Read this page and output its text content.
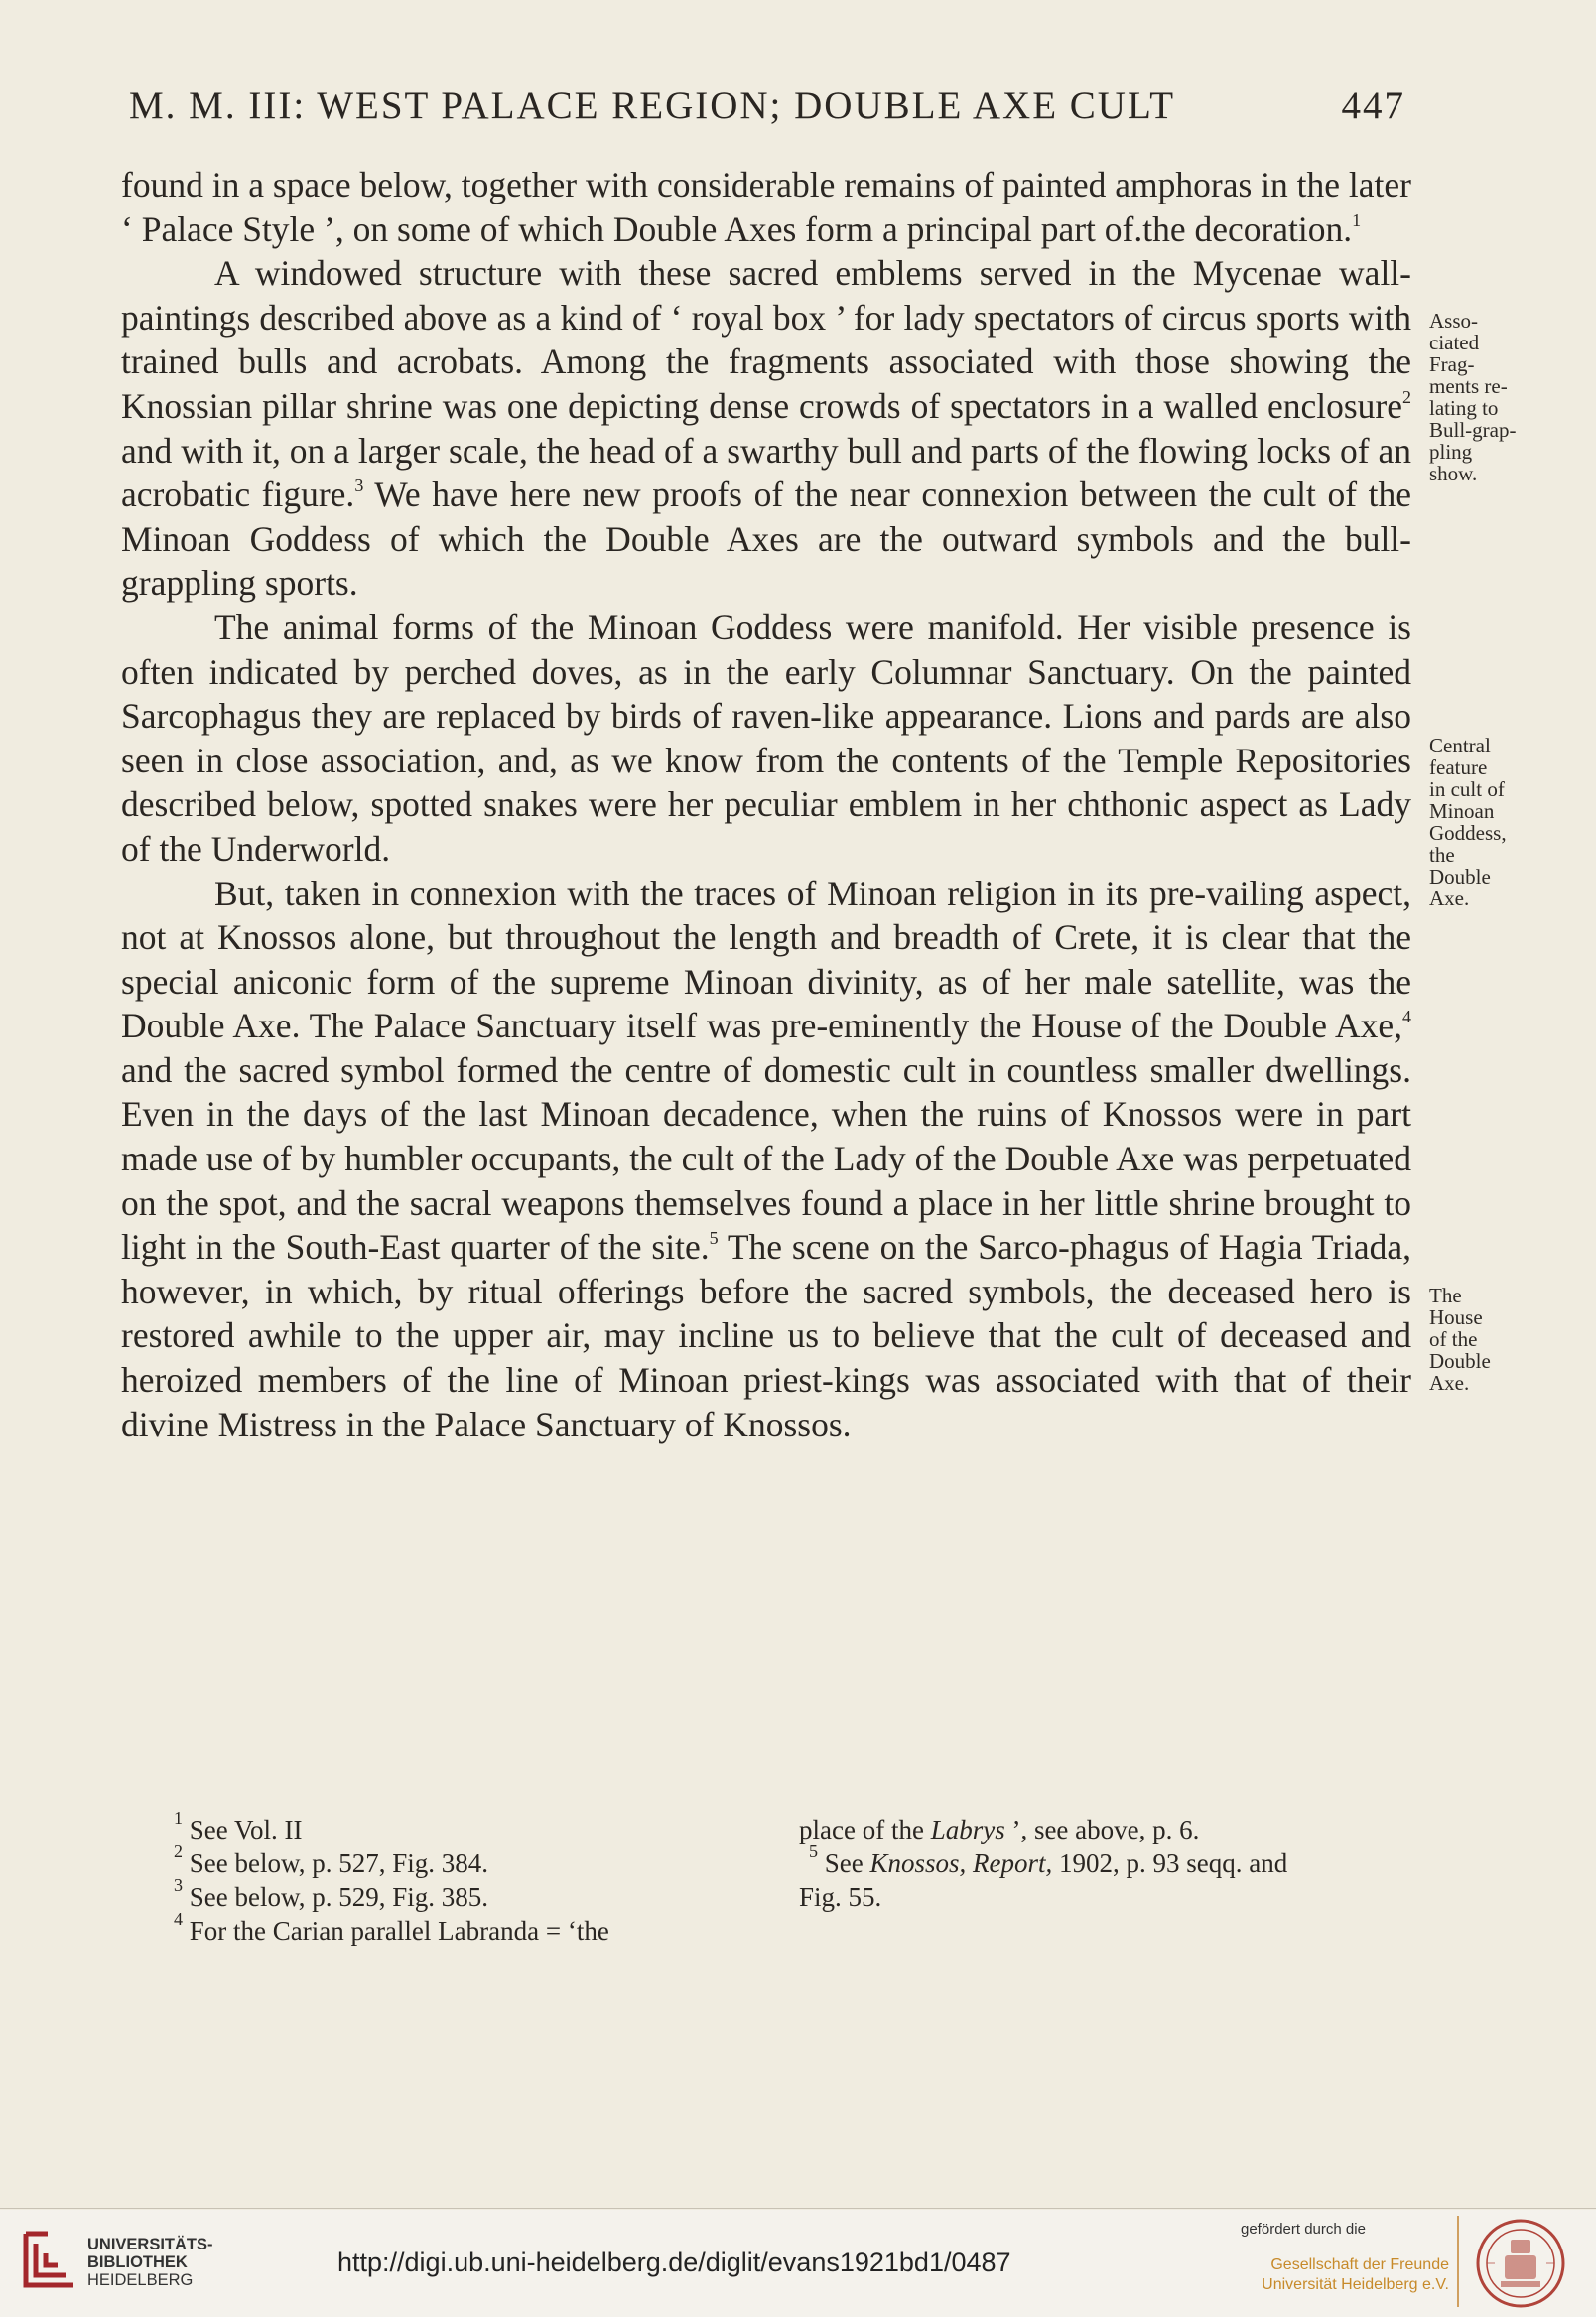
M. M. III: WEST PALACE REGION; DOUBLE AXE CULT	447

found in a space below, together with considerable remains of painted amphoras in the later ‘ Palace Style ’, on some of which Double Axes form a principal part of.the decoration.$^1$

A windowed structure with these sacred emblems served in the Mycenae wall-paintings described above as a kind of ‘ royal box ’ for lady spectators of circus sports with trained bulls and acrobats. Among the fragments associated with those showing the Knossian pillar shrine was one depicting dense crowds of spectators in a walled enclosure$^2$ and with it, on a larger scale, the head of a swarthy bull and parts of the flowing locks of an acrobatic figure.$^3$ We have here new proofs of the near connexion between the cult of the Minoan Goddess of which the Double Axes are the outward symbols and the bull-grappling sports.

The animal forms of the Minoan Goddess were manifold. Her visible presence is often indicated by perched doves, as in the early Columnar Sanctuary. On the painted Sarcophagus they are replaced by birds of raven-like appearance. Lions and pards are also seen in close association, and, as we know from the contents of the Temple Repositories described below, spotted snakes were her peculiar emblem in her chthonic aspect as Lady of the Underworld.

But, taken in connexion with the traces of Minoan religion in its pre-vailing aspect, not at Knossos alone, but throughout the length and breadth of Crete, it is clear that the special aniconic form of the supreme Minoan divinity, as of her male satellite, was the Double Axe. The Palace Sanctuary itself was pre-eminently the House of the Double Axe,$^4$ and the sacred symbol formed the centre of domestic cult in countless smaller dwellings. Even in the days of the last Minoan decadence, when the ruins of Knossos were in part made use of by humbler occupants, the cult of the Lady of the Double Axe was perpetuated on the spot, and the sacral weapons themselves found a place in her little shrine brought to light in the South-East quarter of the site.$^5$ The scene on the Sarco-phagus of Hagia Triada, however, in which, by ritual offerings before the sacred symbols, the deceased hero is restored awhile to the upper air, may incline us to believe that the cult of deceased and heroized members of the line of Minoan priest-kings was associated with that of their divine Mistress in the Palace Sanctuary of Knossos.

Asso-
ciated
Frag-
ments re-
lating to
Bull-grap-
pling
show.
Central
feature
in cult of
Minoan
Goddess,
the
Double
Axe.
The
House
of the
Double
Axe.
$^1$ See Vol. II
$^2$ See below, p. 527, Fig. 384.
$^3$ See below, p. 529, Fig. 385.
$^4$ For the Carian parallel Labranda = ‘the
place of the Labrys ’, see above, p. 6.
$^5$ See Knossos, Report, 1902, p. 93 seqq. and
Fig. 55.
UNIVERSITÄTS-
BIBLIOTHEK
HEIDELBERG
http://digi.ub.uni-heidelberg.de/diglit/evans1921bd1/0487
gefördert durch die
Gesellschaft der Freunde
Universität Heidelberg e.V.
